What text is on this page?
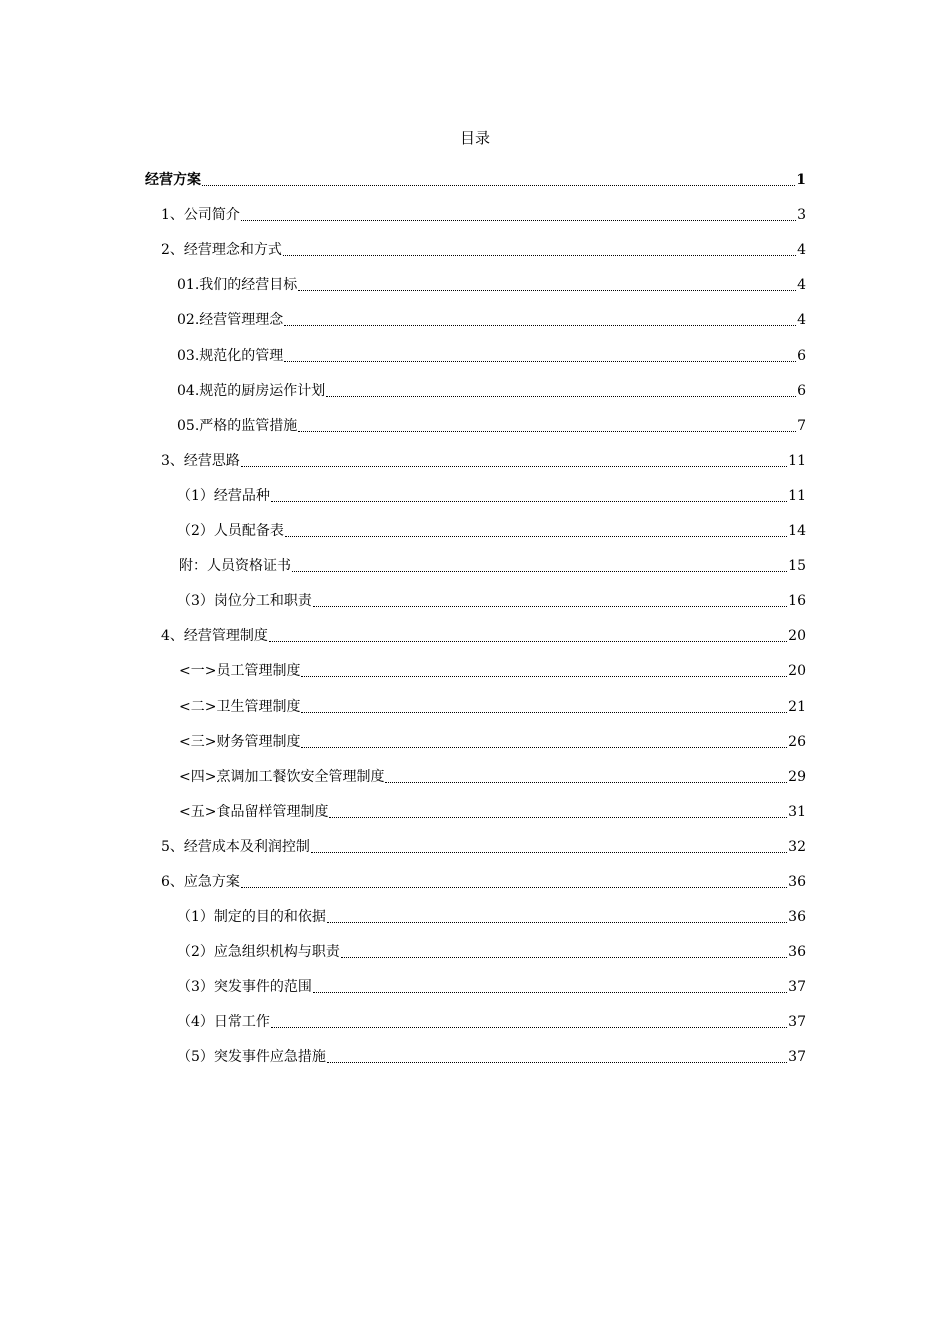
目录
经营方案	1
1、公司简介	3
2、经营理念和方式	4
01.我们的经营目标	4
02.经营管理理念	4
03.规范化的管理	6
04.规范的厨房运作计划	6
05.严格的监管措施	7
3、经营思路	11
（1）经营品种	11
（2）人员配备表	14
附：人员资格证书	15
（3）岗位分工和职责	16
4、经营管理制度	20
<一>员工管理制度	20
<二>卫生管理制度	21
<三>财务管理制度	26
<四>烹调加工餐饮安全管理制度	29
<五>食品留样管理制度	31
5、经营成本及利润控制	32
6、应急方案	36
（1）制定的目的和依据	36
（2）应急组织机构与职责	36
（3）突发事件的范围	37
（4）日常工作	37
（5）突发事件应急措施	37
